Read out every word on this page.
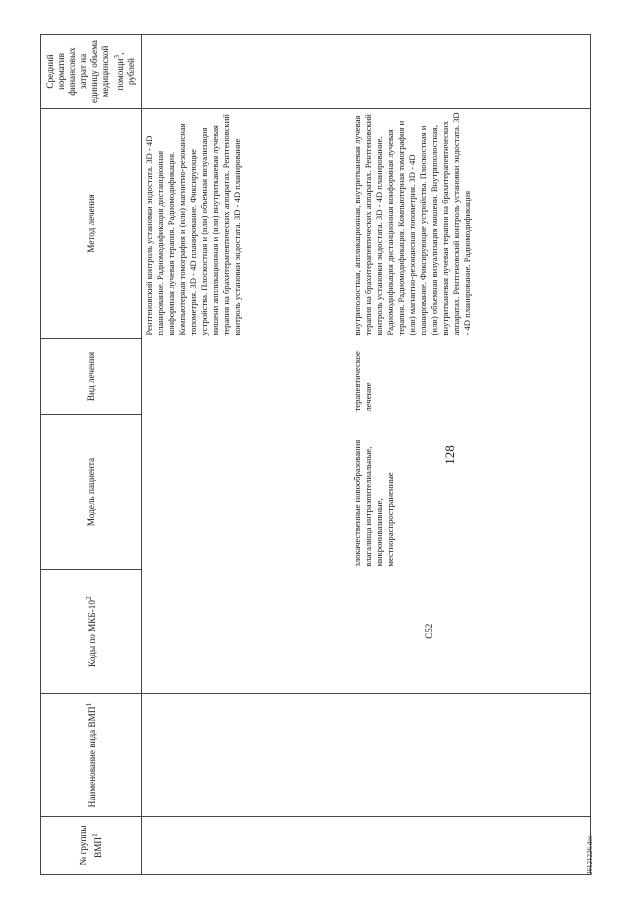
128
№ группы ВМП$^1$	Наименование вида ВМП$^1$	Коды по МКБ-$10^2$	Модель пациента	Вид лечения	Метод лечения	Средний норматив финансовых затрат на единицу объема медицинской помощи$^3$, рублей
					Рентгеновский контроль установки эндостата. 3D - 4D планирование. Радиомодификация дистанционная конформная лучевая терапия. Радиомодификация. Компьютерная томография и (или) магнитно-резонансная топометрия. 3D - 4D планирование. Фиксирующие устройства. Плоскостная и (или) объемная визуализация мишени аппликационная и (или) внутриткaневая лучевая терапия на брахитерапевтических аппаратах. Рентгеновский контроль установки эндостата. 3D - 4D планирование	

		C52	злокачественные новообразования влагалища интраэпителиальные, микроинвазивные, местнораспространенные	терапевтическое лечение	внутриполостная, аппликационная, внутритканевая лучевая терапия на брахитерапевтических аппаратах. Рентгеновский контроль установки эндостата. 3D - 4D планирование. Радиомодификация дистанционная конформная лучевая терапия. Радиомодификация. Компьютерная томография и (или) магнитно-резонансная топометрия. 3D - 4D планирование. Фиксирующие устройства. Плоскостная и (или) объемная визуализация мишени. Внутриполостная, внутритканевая лучевая терапия на брахитерапевтических аппаратах. Рентгеновский контроль установки эндостата. 3D - 4D планирование. Радиомодификация	
26121226.doc
